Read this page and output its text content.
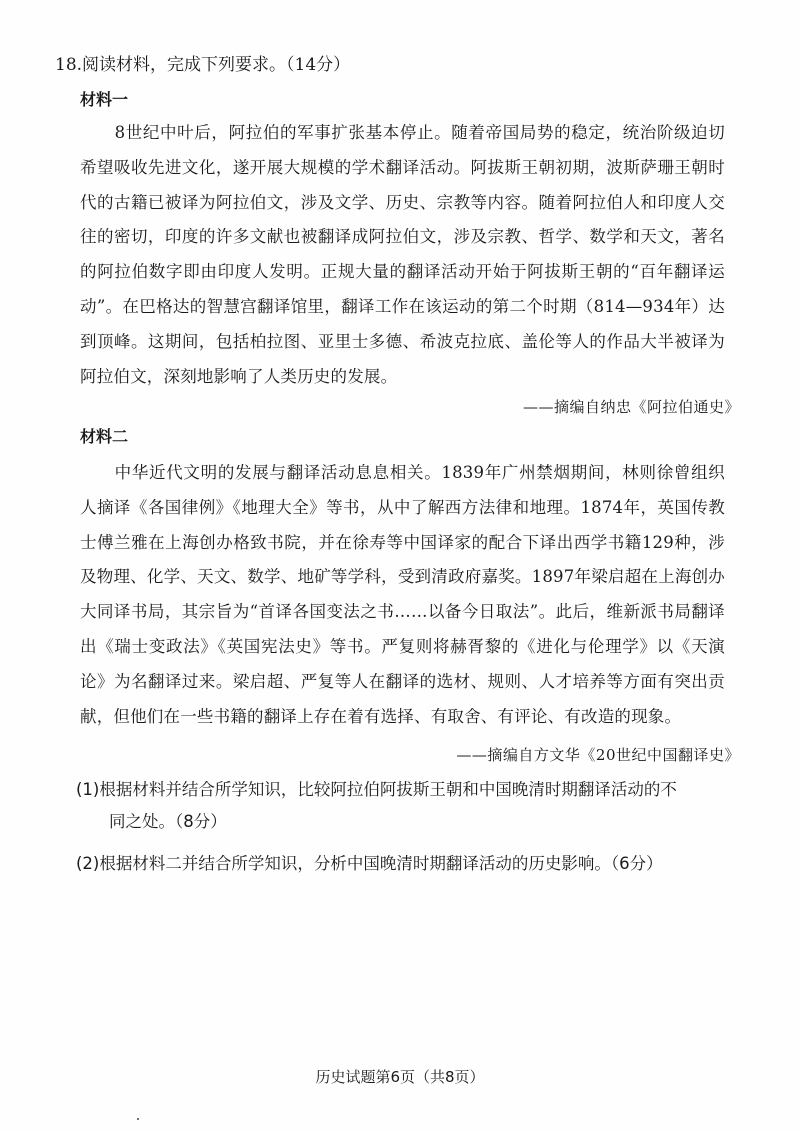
18.阅读材料，完成下列要求。（14分）
材料一
8世纪中叶后，阿拉伯的军事扩张基本停止。随着帝国局势的稳定，统治阶级迫切希望吸收先进文化，遂开展大规模的学术翻译活动。阿拔斯王朝初期，波斯萨珊王朝时代的古籍已被译为阿拉伯文，涉及文学、历史、宗教等内容。随着阿拉伯人和印度人交往的密切，印度的许多文献也被翻译成阿拉伯文，涉及宗教、哲学、数学和天文，著名的阿拉伯数字即由印度人发明。正规大量的翻译活动开始于阿拔斯王朝的“百年翻译运动”。在巴格达的智慧宫翻译馆里，翻译工作在该运动的第二个时期（814—934年）达到顶峰。这期间，包括柏拉图、亚里士多德、希波克拉底、盖伦等人的作品大半被译为阿拉伯文，深刻地影响了人类历史的发展。
——摘编自纳忠《阿拉伯通史》
材料二
中华近代文明的发展与翻译活动息息相关。1839年广州禁烟期间，林则徐曾组织人摘译《各国律例》《地理大全》等书，从中了解西方法律和地理。1874年，英国传教士傅兰雅在上海创办格致书院，并在徐寿等中国译家的配合下译出西学书籍129种，涉及物理、化学、天文、数学、地矿等学科，受到清政府嘉奖。1897年梁启超在上海创办大同译书局，其宗旨为“首译各国变法之书……以备今日取法”。此后，维新派书局翻译出《瑞士变政法》《英国宪法史》等书。严复则将赫胥黎的《进化与伦理学》以《天演论》为名翻译过来。梁启超、严复等人在翻译的选材、规则、人才培养等方面有突出贡献，但他们在一些书籍的翻译上存在着有选择、有取舍、有评论、有改造的现象。
——摘编自方文华《20世纪中国翻译史》
(1)根据材料并结合所学知识，比较阿拉伯阿拔斯王朝和中国晚清时期翻译活动的不
同之处。（8分）
(2)根据材料二并结合所学知识，分析中国晚清时期翻译活动的历史影响。（6分）
历史试题第6页（共8页）
